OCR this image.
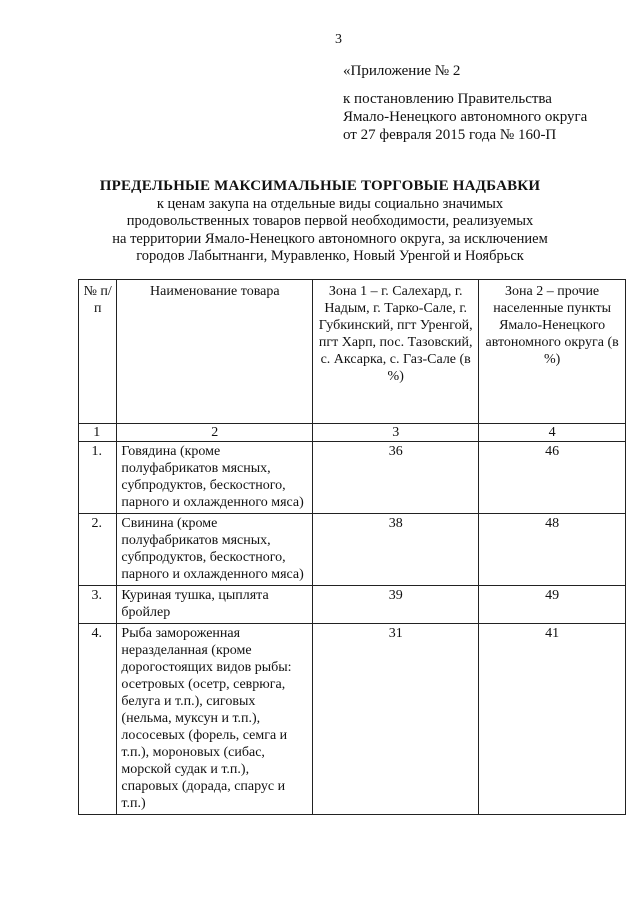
3
«Приложение № 2
к постановлению Правительства
Ямало-Ненецкого автономного округа
от 27 февраля 2015 года № 160-П
ПРЕДЕЛЬНЫЕ МАКСИМАЛЬНЫЕ ТОРГОВЫЕ НАДБАВКИ
к ценам закупа на отдельные виды социально значимых
продовольственных товаров первой необходимости, реализуемых
на территории Ямало-Ненецкого автономного округа, за исключением
городов Лабытнанги, Муравленко, Новый Уренгой и Ноябрьск
№ п/п	Наименование товара	Зона 1 – г. Салехард, г. Надым, г. Тарко-Сале, г. Губкинский, пгт Уренгой, пгт Харп, пос. Тазовский, с. Аксарка, с. Газ-Сале (в %)	Зона 2 – прочие населенные пункты Ямало-Ненецкого автономного округа (в %)
1	2	3	4
1.	Говядина (кроме полуфабрикатов мясных, субпродуктов, бескостного, парного и охлажденного мяса)	36	46
2.	Свинина (кроме полуфабрикатов мясных, субпродуктов, бескостного, парного и охлажденного мяса)	38	48
3.	Куриная тушка, цыплята бройлер	39	49
4.	Рыба замороженная неразделанная (кроме дорогостоящих видов рыбы: осетровых (осетр, севрюга, белуга и т.п.), сиговых (нельма, муксун и т.п.), лососевых (форель, семга и т.п.), мороновых (сибас, морской судак и т.п.), спаровых (дорада, спарус и т.п.)	31	41
